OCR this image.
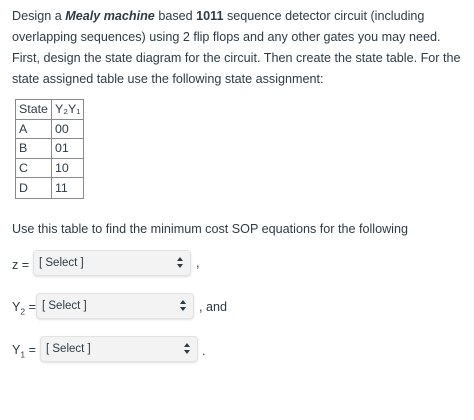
Design a Mealy machine based 1011 sequence detector circuit (including overlapping sequences) using 2 flip flops and any other gates you may need. First, design the state diagram for the circuit. Then create the state table. For the state assigned table use the following state assignment:
State	Y₂Y₁
A	00
B	01
C	10
D	11
Use this table to find the minimum cost SOP equations for the following
z = [ Select ]	,
$Y_2$ = [ Select ]	, and
$Y_1$ = [ Select ]	.
